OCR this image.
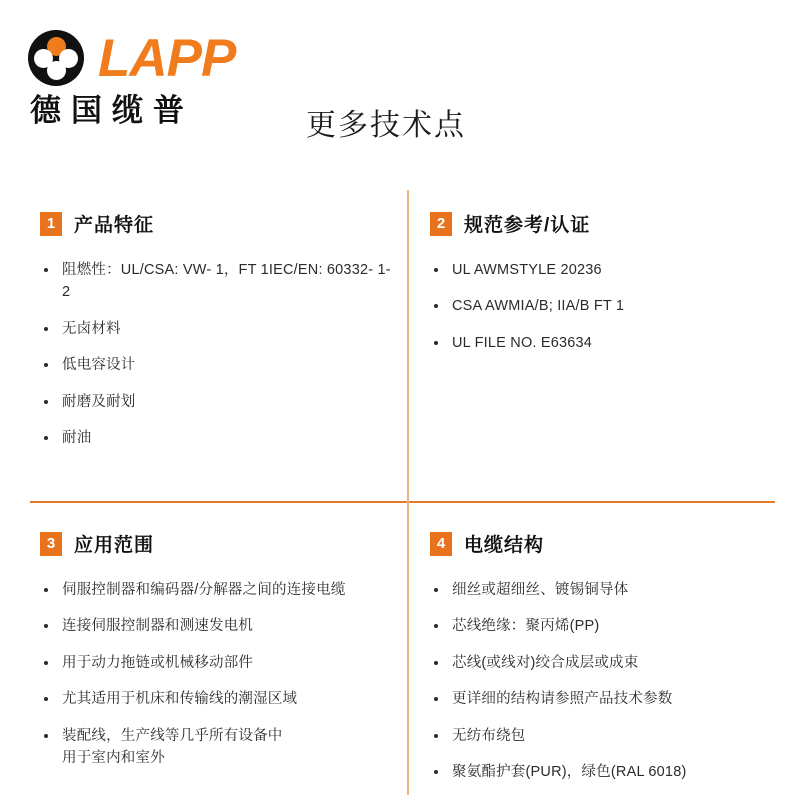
LAPP
德国缆普	更多技术点
1 产品特征
阻燃性：UL/CSA: VW- 1，FT 1IEC/EN: 60332- 1- 2
无卤材料
低电容设计
耐磨及耐划
耐油
2 规范参考/认证
UL AWMSTYLE 20236
CSA AWMIA/B; IIA/B FT 1
UL FILE NO. E63634
3 应用范围
伺服控制器和编码器/分解器之间的连接电缆
连接伺服控制器和测速发电机
用于动力拖链或机械移动部件
尤其适用于机床和传输线的潮湿区域
装配线，生产线等几乎所有设备中
用于室内和室外
4 电缆结构
细丝或超细丝、镀锡铜导体
芯线绝缘：聚丙烯(PP)
芯线(或线对)绞合成层或成束
更详细的结构请参照产品技术参数
无纺布绕包
聚氨酯护套(PUR)，绿色(RAL 6018)
